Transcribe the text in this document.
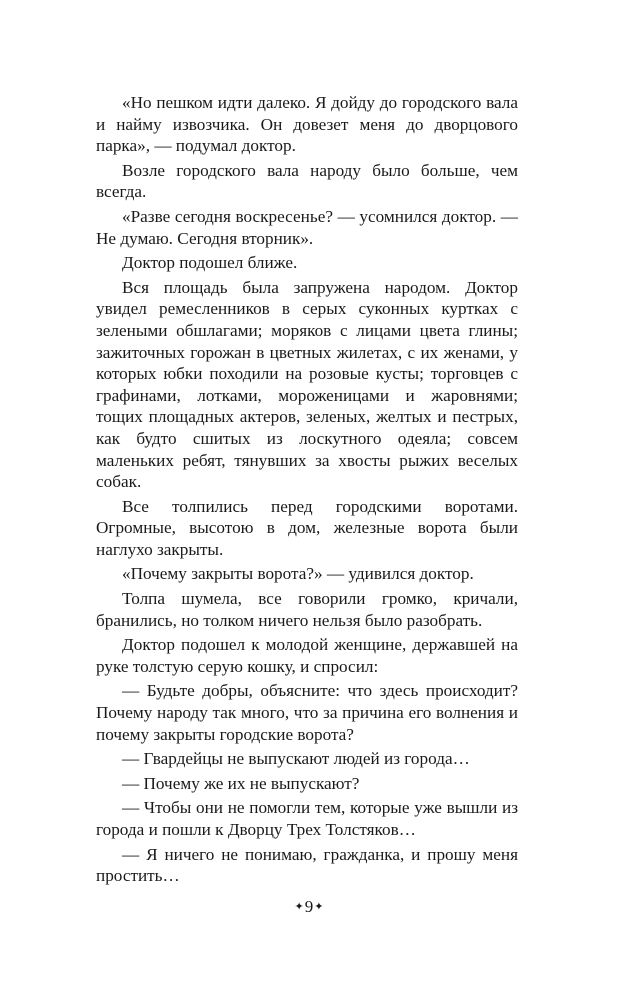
«Но пешком идти далеко. Я дойду до городского вала и найму извозчика. Он довезет меня до дворцового парка», — подумал доктор.

Возле городского вала народу было больше, чем всегда.

«Разве сегодня воскресенье? — усомнился доктор. — Не думаю. Сегодня вторник».

Доктор подошел ближе.

Вся площадь была запружена народом. Доктор увидел ремесленников в серых суконных куртках с зелеными обшлагами; моряков с лицами цвета глины; зажиточных горожан в цветных жилетах, с их женами, у которых юбки походили на розовые кусты; торговцев с графинами, лотками, мороженицами и жаровнями; тощих площадных актеров, зеленых, желтых и пестрых, как будто сшитых из лоскутного одеяла; совсем маленьких ребят, тянувших за хвосты рыжих веселых собак.

Все толпились перед городскими воротами. Огромные, высотою в дом, железные ворота были наглухо закрыты.

«Почему закрыты ворота?» — удивился доктор.

Толпа шумела, все говорили громко, кричали, бранились, но толком ничего нельзя было разобрать.

Доктор подошел к молодой женщине, державшей на руке толстую серую кошку, и спросил:

— Будьте добры, объясните: что здесь происходит? Почему народу так много, что за причина его волнения и почему закрыты городские ворота?

— Гвардейцы не выпускают людей из города…

— Почему же их не выпускают?

— Чтобы они не помогли тем, которые уже вышли из города и пошли к Дворцу Трех Толстяков…

— Я ничего не понимаю, гражданка, и прошу меня простить…

✦9✦
